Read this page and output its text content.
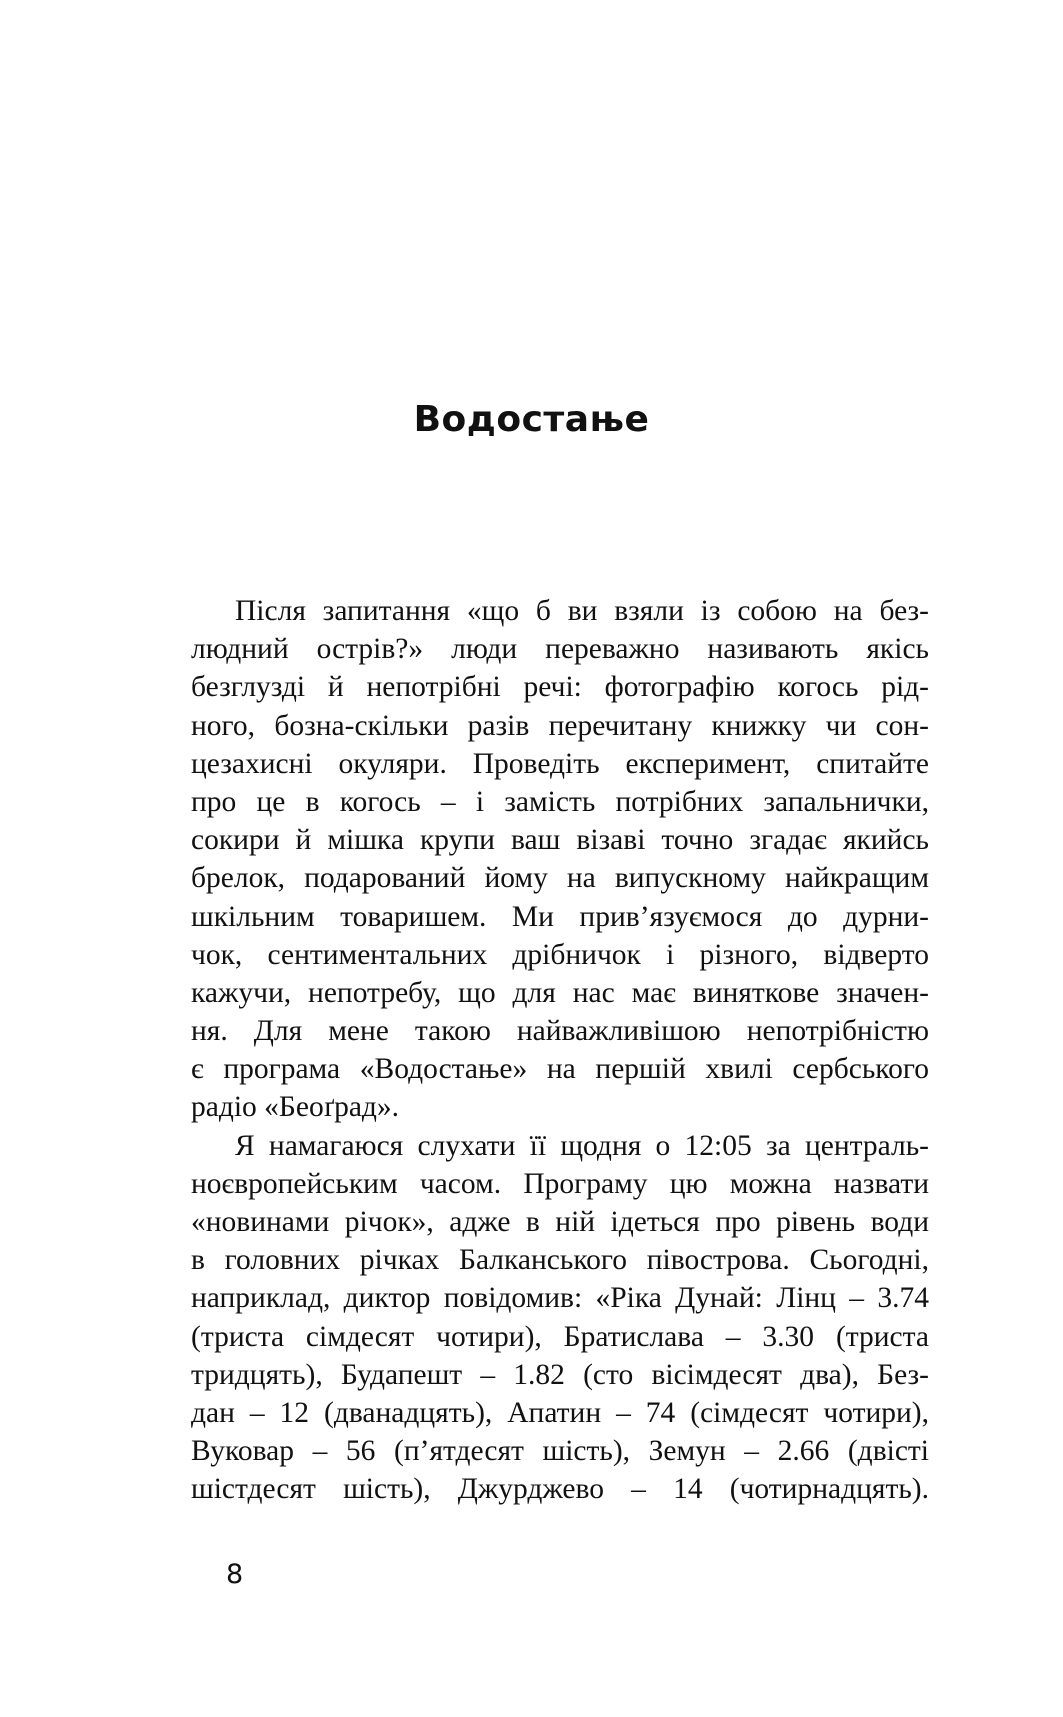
Водостање
Після запитання «що б ви взяли із собою на без-
людний острів?» люди переважно називають якісь
безглузді й непотрібні речі: фотографію когось рід-
ного, бозна-скільки разів перечитану книжку чи сон-
цезахисні окуляри. Проведіть експеримент, спитайте
про це в когось – і замість потрібних запальнички,
сокири й мішка крупи ваш візаві точно згадає якийсь
брелок, подарований йому на випускному найкращим
шкільним товаришем. Ми прив’язуємося до дурни-
чок, сентиментальних дрібничок і різного, відверто
кажучи, непотребу, що для нас має виняткове значен-
ня. Для мене такою найважливішою непотрібністю
є програма «Водостање» на першій хвилі сербського
радіо «Беоґрад».
Я намагаюся слухати її щодня о 12:05 за централь-
ноєвропейським часом. Програму цю можна назвати
«новинами річок», адже в ній ідеться про рівень води
в головних річках Балканського півострова. Сьогодні,
наприклад, диктор повідомив: «Ріка Дунай: Лінц – 3.74
(триста сімдесят чотири), Братислава – 3.30 (триста
тридцять), Будапешт – 1.82 (сто вісімдесят два), Без-
дан – 12 (дванадцять), Апатин – 74 (сімдесят чотири),
Вуковар – 56 (п’ятдесят шість), Земун – 2.66 (двісті
шістдесят шість), Джурджево – 14 (чотирнадцять).
8
